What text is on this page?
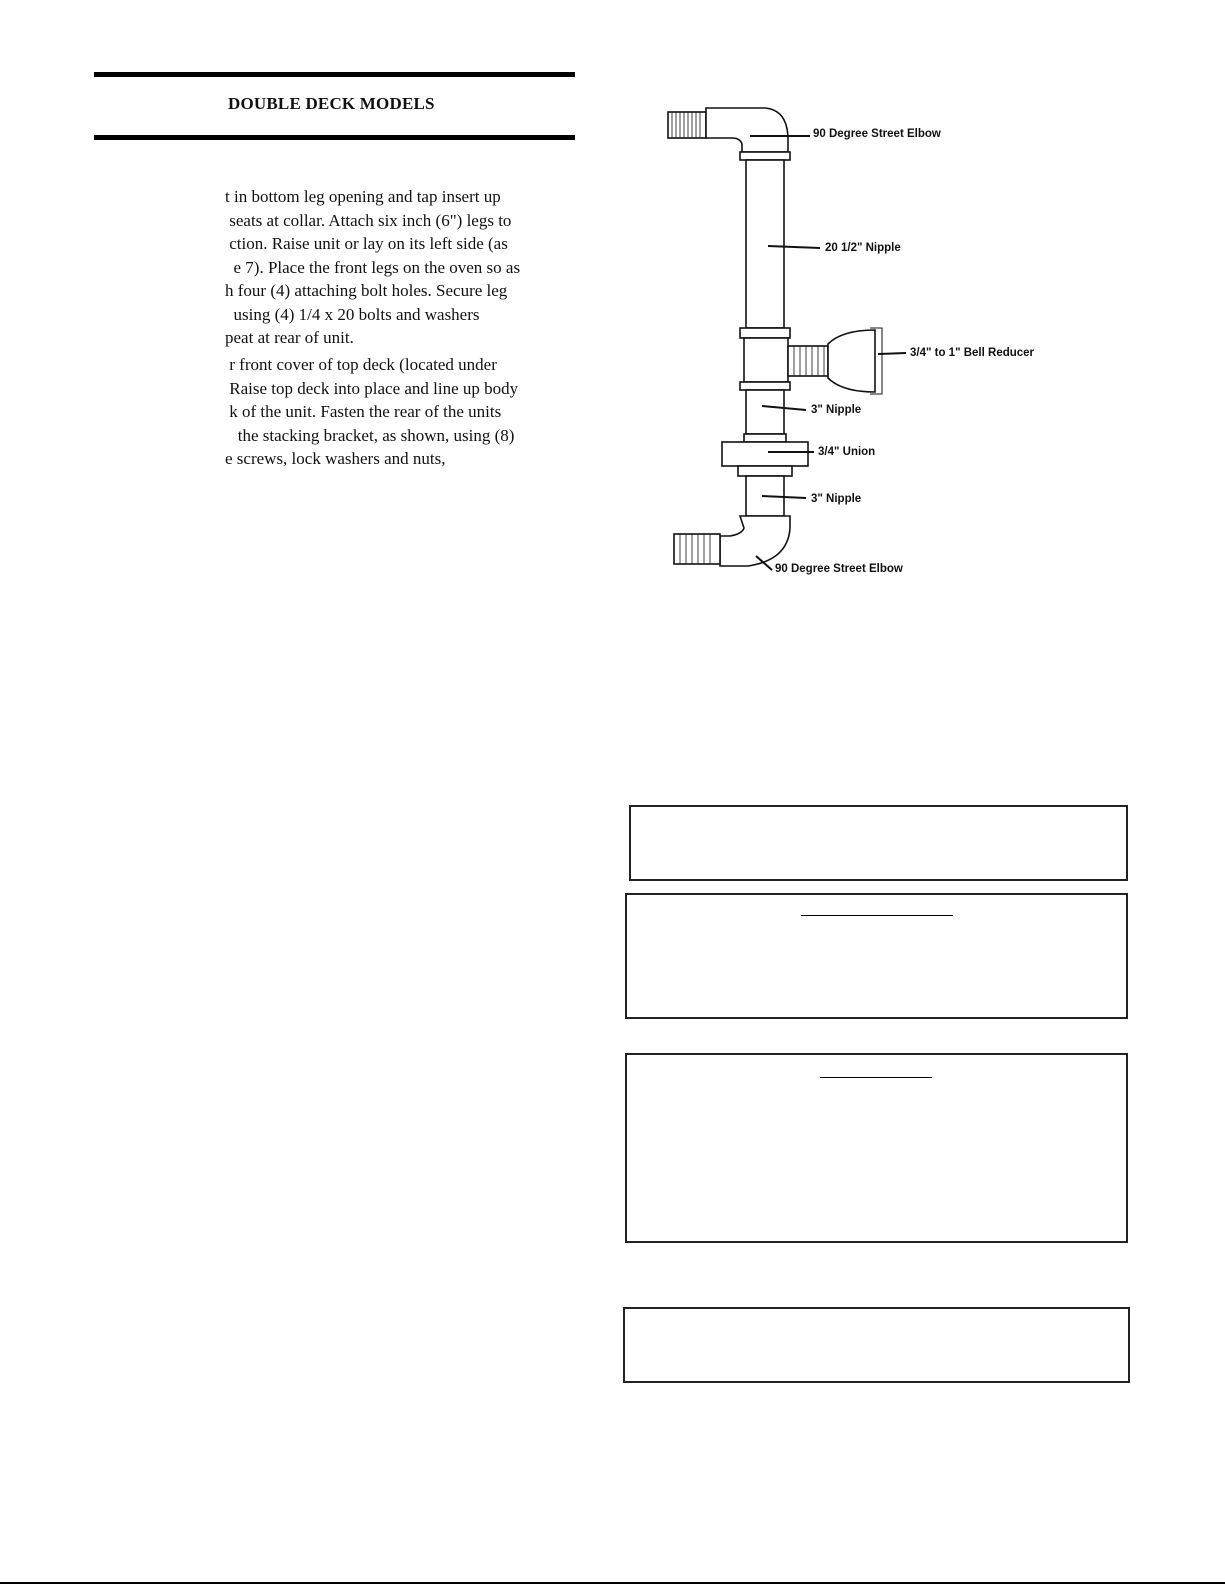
DOUBLE DECK MODELS
t in bottom leg opening and tap insert up
seats at collar. Attach six inch (6") legs to
ction. Raise unit or lay on its left side (as
e 7). Place the front legs on the oven so as
h four (4) attaching bolt holes. Secure leg
using (4) 1/4 x 20 bolts and washers
peat at rear of unit.
r front cover of top deck (located under
Raise top deck into place and line up body
k of the unit. Fasten the rear of the units
the stacking bracket, as shown, using (8)
e screws, lock washers and nuts,
90 Degree Street Elbow
20 1/2" Nipple
3/4" to 1" Bell Reducer
3" Nipple
3/4" Union
3" Nipple
90 Degree Street Elbow
